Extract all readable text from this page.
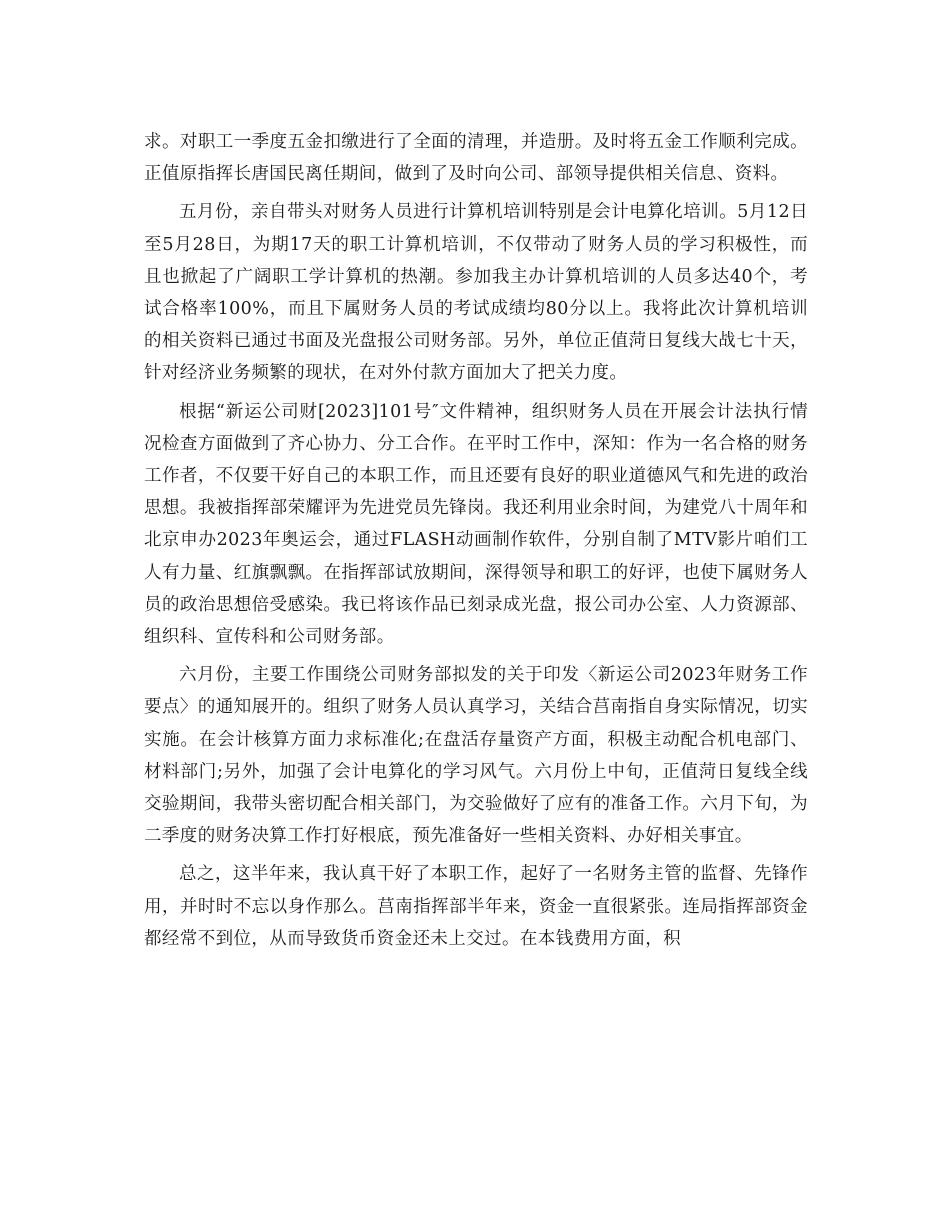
求。对职工一季度五金扣缴进行了全面的清理，并造册。及时将五金工作顺利完成。正值原指挥长唐国民离任期间，做到了及时向公司、部领导提供相关信息、资料。

五月份，亲自带头对财务人员进行计算机培训特别是会计电算化培训。5月12日至5月28日，为期17天的职工计算机培训，不仅带动了财务人员的学习积极性，而且也掀起了广阔职工学计算机的热潮。参加我主办计算机培训的人员多达40个，考试合格率100%，而且下属财务人员的考试成绩均80分以上。我将此次计算机培训的相关资料已通过书面及光盘报公司财务部。另外，单位正值菏日复线大战七十天，针对经济业务频繁的现状，在对外付款方面加大了把关力度。

根据“新运公司财[2023]101号″文件精神，组织财务人员在开展会计法执行情况检查方面做到了齐心协力、分工合作。在平时工作中，深知：作为一名合格的财务工作者，不仅要干好自己的本职工作，而且还要有良好的职业道德风气和先进的政治思想。我被指挥部荣耀评为先进党员先锋岗。我还利用业余时间，为建党八十周年和北京申办2023年奥运会，通过FLASH动画制作软件，分别自制了MTV影片咱们工人有力量、红旗飘飘。在指挥部试放期间，深得领导和职工的好评，也使下属财务人员的政治思想倍受感染。我已将该作品已刻录成光盘，报公司办公室、人力资源部、组织科、宣传科和公司财务部。

六月份，主要工作围绕公司财务部拟发的关于印发〈新运公司2023年财务工作要点〉的通知展开的。组织了财务人员认真学习，关结合莒南指自身实际情况，切实实施。在会计核算方面力求标准化;在盘活存量资产方面，积极主动配合机电部门、材料部门;另外，加强了会计电算化的学习风气。六月份上中旬，正值菏日复线全线交验期间，我带头密切配合相关部门，为交验做好了应有的准备工作。六月下旬，为二季度的财务决算工作打好根底，预先准备好一些相关资料、办好相关事宜。

总之，这半年来，我认真干好了本职工作，起好了一名财务主管的监督、先锋作用，并时时不忘以身作那么。莒南指挥部半年来，资金一直很紧张。连局指挥部资金都经常不到位，从而导致货币资金还未上交过。在本钱费用方面，积
